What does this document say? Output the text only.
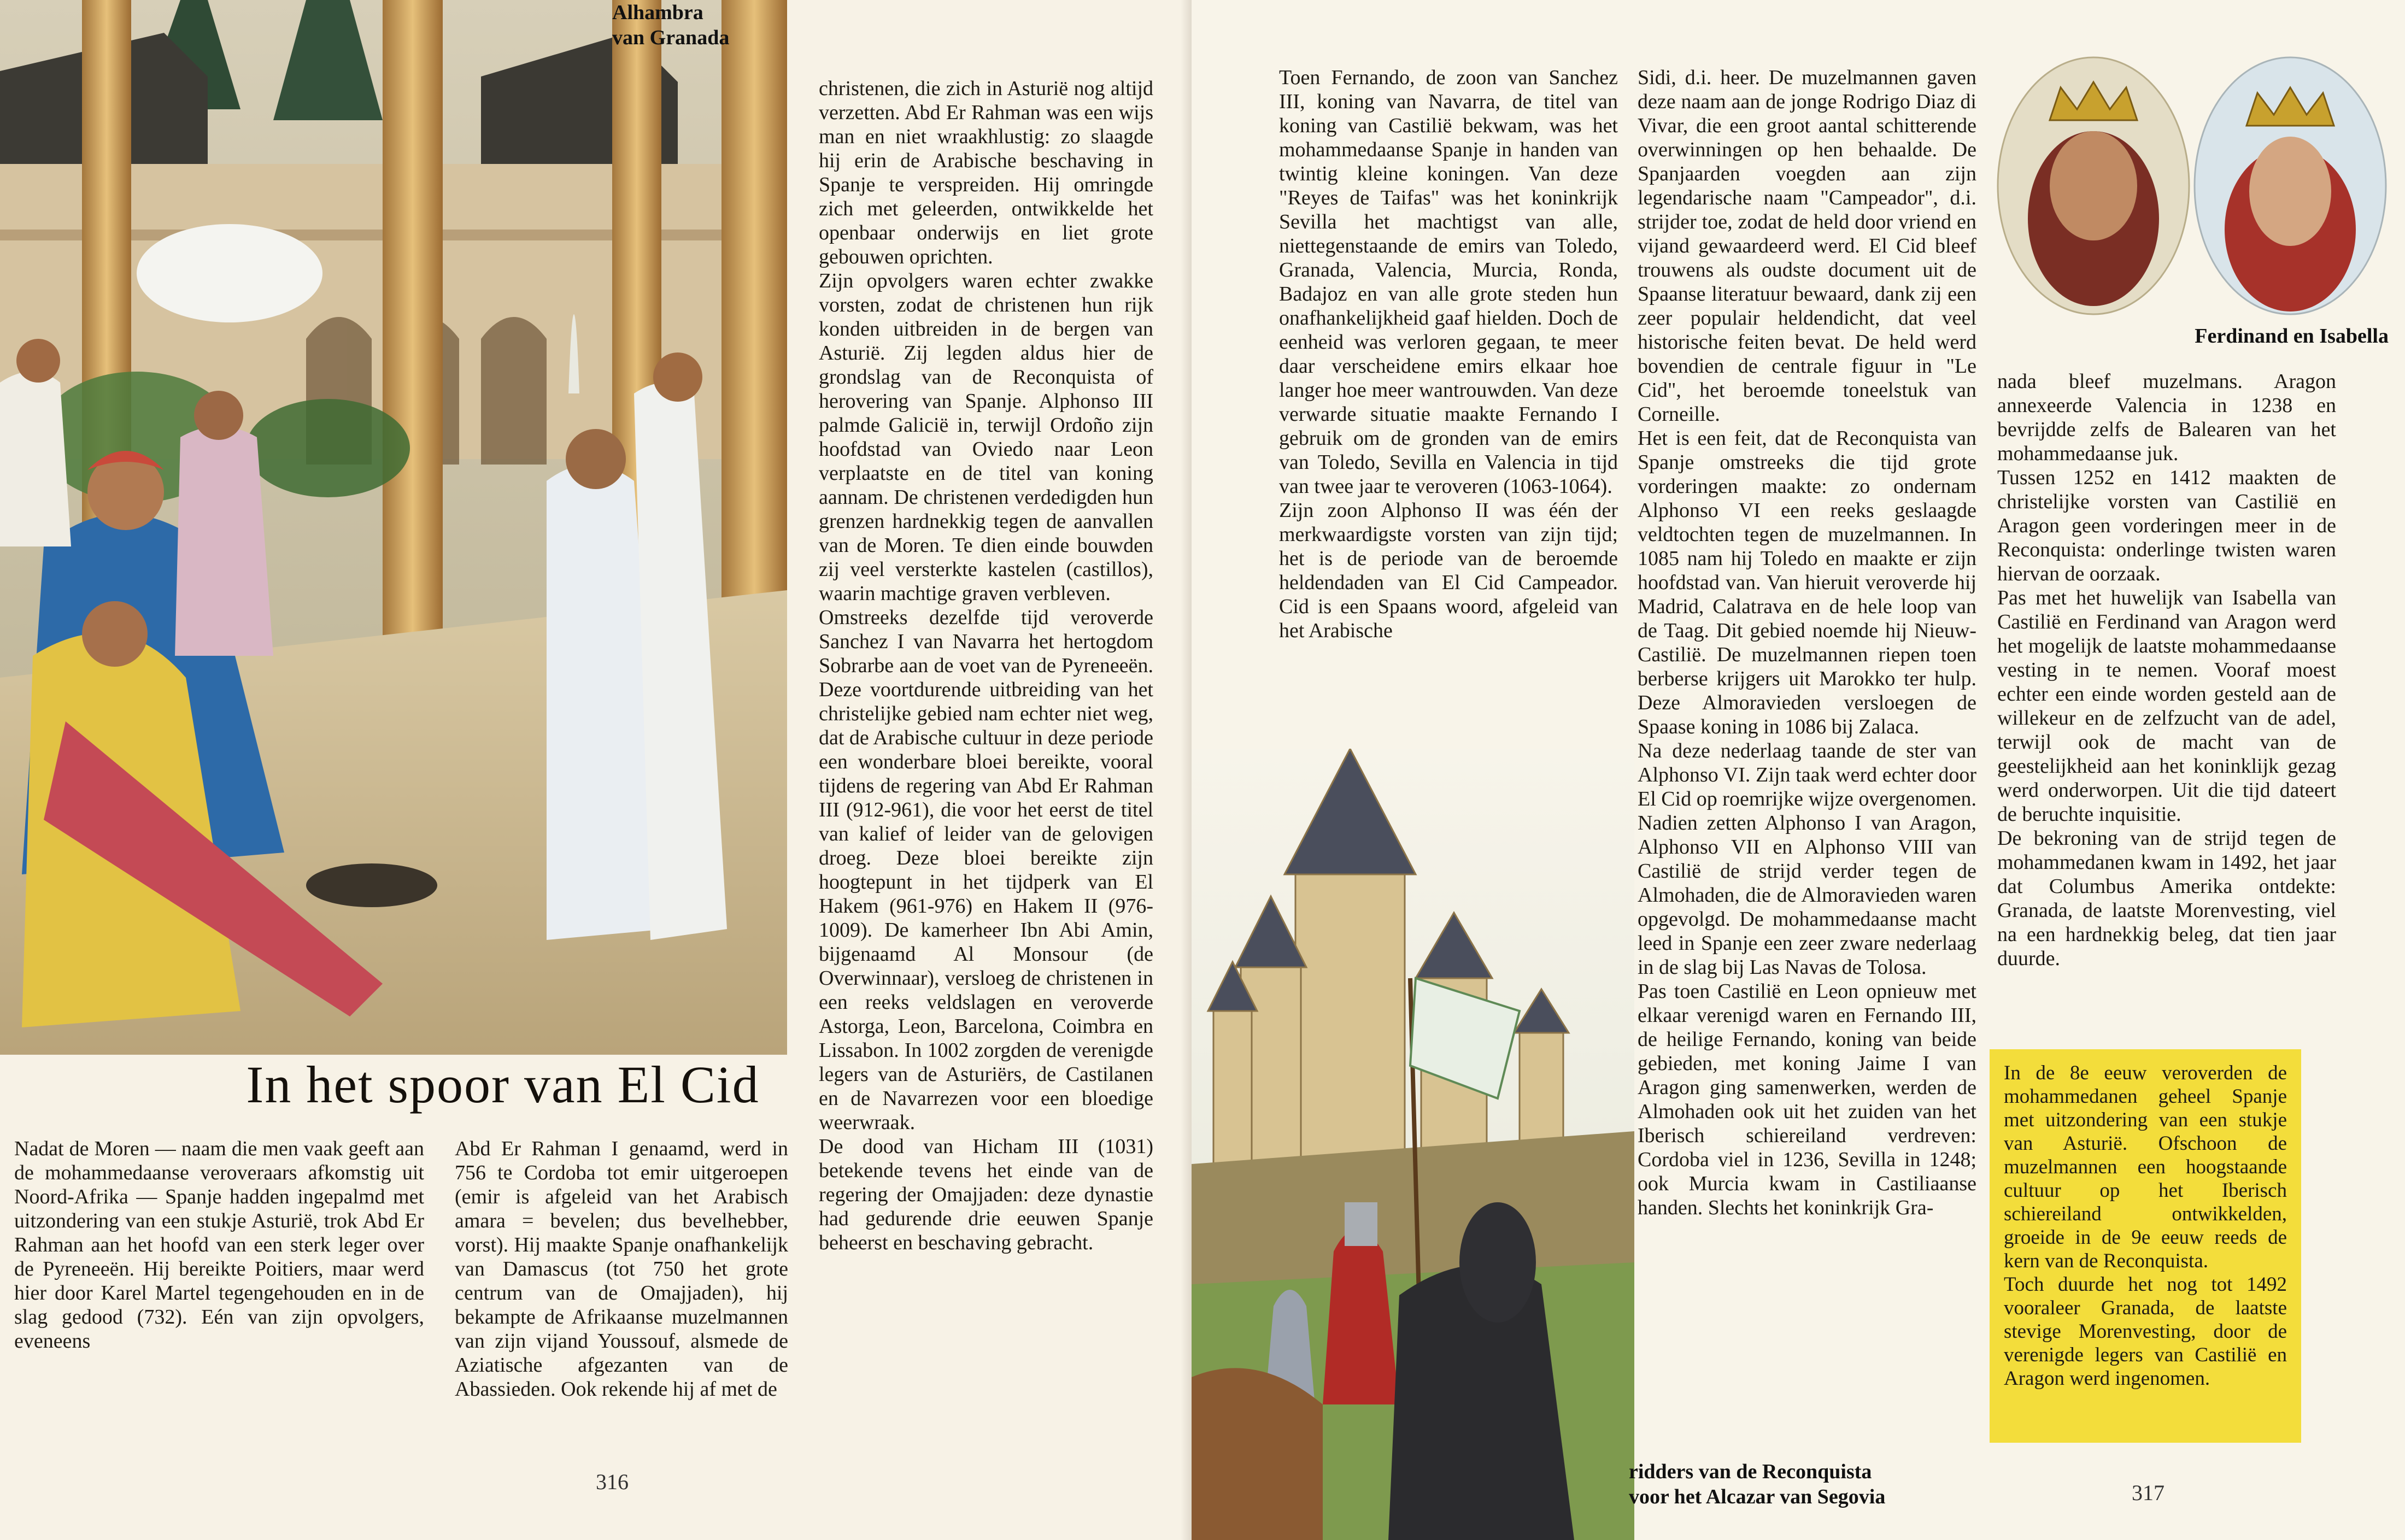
Alhambra
van Granada
In het spoor van El Cid

Nadat de Moren — naam die men vaak geeft aan de mohammedaanse veroveraars afkomstig uit Noord-Afrika — Spanje hadden ingepalmd met uitzondering van een stukje Asturië, trok Abd Er Rahman aan het hoofd van een sterk leger over de Pyreneeën. Hij bereikte Poitiers, maar werd hier door Karel Martel tegengehouden en in de slag gedood (732). Eén van zijn opvolgers, eveneens

Abd Er Rahman I genaamd, werd in 756 te Cordoba tot emir uitgeroepen (emir is afgeleid van het Arabisch amara = bevelen; dus bevelhebber, vorst). Hij maakte Spanje onafhankelijk van Damascus (tot 750 het grote centrum van de Omajjaden), hij bekampte de Afrikaanse muzelmannen van zijn vijand Youssouf, alsmede de Aziatische afgezanten van de Abassieden. Ook rekende hij af met de

christenen, die zich in Asturië nog altijd verzetten. Abd Er Rahman was een wijs man en niet wraakhlustig: zo slaagde hij erin de Arabische beschaving in Spanje te verspreiden. Hij omringde zich met geleerden, ontwikkelde het openbaar onderwijs en liet grote gebouwen oprichten.

Zijn opvolgers waren echter zwakke vorsten, zodat de christenen hun rijk konden uitbreiden in de bergen van Asturië. Zij legden aldus hier de grondslag van de Reconquista of herovering van Spanje. Alphonso III palmde Galicië in, terwijl Ordoño zijn hoofdstad van Oviedo naar Leon verplaatste en de titel van koning aannam. De christenen verdedigden hun grenzen hardnekkig tegen de aanvallen van de Moren. Te dien einde bouwden zij veel versterkte kastelen (castillos), waarin machtige graven verbleven.

Omstreeks dezelfde tijd veroverde Sanchez I van Navarra het hertogdom Sobrarbe aan de voet van de Pyreneeën. Deze voortdurende uitbreiding van het christelijke gebied nam echter niet weg, dat de Arabische cultuur in deze periode een wonderbare bloei bereikte, vooral tijdens de regering van Abd Er Rahman III (912-961), die voor het eerst de titel van kalief of leider van de gelovigen droeg. Deze bloei bereikte zijn hoogtepunt in het tijdperk van El Hakem (961-976) en Hakem II (976-1009). De kamerheer Ibn Abi Amin, bijgenaamd Al Monsour (de Overwinnaar), versloeg de christenen in een reeks veldslagen en veroverde Astorga, Leon, Barcelona, Coimbra en Lissabon. In 1002 zorgden de verenigde legers van de Asturiërs, de Castilanen en de Navarrezen voor een bloedige weerwraak.

De dood van Hicham III (1031) betekende tevens het einde van de regering der Omajjaden: deze dynastie had gedurende drie eeuwen Spanje beheerst en beschaving gebracht.

316

Toen Fernando, de zoon van Sanchez III, koning van Navarra, de titel van koning van Castilië bekwam, was het mohammedaanse Spanje in handen van twintig kleine koningen. Van deze "Reyes de Taifas" was het koninkrijk Sevilla het machtigst van alle, niettegenstaande de emirs van Toledo, Granada, Valencia, Murcia, Ronda, Badajoz en van alle grote steden hun onafhankelijkheid gaaf hielden. Doch de eenheid was verloren gegaan, te meer daar verscheidene emirs elkaar hoe langer hoe meer wantrouwden. Van deze verwarde situatie maakte Fernando I gebruik om de gronden van de emirs van Toledo, Sevilla en Valencia in tijd van twee jaar te veroveren (1063-1064).

Zijn zoon Alphonso II was één der merkwaardigste vorsten van zijn tijd; het is de periode van de beroemde heldendaden van El Cid Campeador. Cid is een Spaans woord, afgeleid van het Arabische

Sidi, d.i. heer. De muzelmannen gaven deze naam aan de jonge Rodrigo Diaz di Vivar, die een groot aantal schitterende overwinningen op hen behaalde. De Spanjaarden voegden aan zijn legendarische naam "Campeador", d.i. strijder toe, zodat de held door vriend en vijand gewaardeerd werd. El Cid bleef trouwens als oudste document uit de Spaanse literatuur bewaard, dank zij een zeer populair heldendicht, dat veel historische feiten bevat. De held werd bovendien de centrale figuur in "Le Cid", het beroemde toneelstuk van Corneille.

Het is een feit, dat de Reconquista van Spanje omstreeks die tijd grote vorderingen maakte: zo ondernam Alphonso VI een reeks geslaagde veldtochten tegen de muzelmannen. In 1085 nam hij Toledo en maakte er zijn hoofdstad van. Van hieruit veroverde hij Madrid, Calatrava en de hele loop van de Taag. Dit gebied noemde hij Nieuw-Castilië. De muzelmannen riepen toen berberse krijgers uit Marokko ter hulp. Deze Almoravieden versloegen de Spaase koning in 1086 bij Zalaca.

Na deze nederlaag taande de ster van Alphonso VI. Zijn taak werd echter door El Cid op roemrijke wijze overgenomen. Nadien zetten Alphonso I van Aragon, Alphonso VII en Alphonso VIII van Castilië de strijd verder tegen de Almohaden, die de Almoravieden waren opgevolgd. De mohammedaanse macht leed in Spanje een zeer zware nederlaag in de slag bij Las Navas de Tolosa.

Pas toen Castilië en Leon opnieuw met elkaar verenigd waren en Fernando III, de heilige Fernando, koning van beide gebieden, met koning Jaime I van Aragon ging samenwerken, werden de Almohaden ook uit het zuiden van het Iberisch schiereiland verdreven: Cordoba viel in 1236, Sevilla in 1248; ook Murcia kwam in Castiliaanse handen. Slechts het koninkrijk Gra-

ridders van de Reconquista
voor het Alcazar van Segovia
Ferdinand en Isabella

nada bleef muzelmans. Aragon annexeerde Valencia in 1238 en bevrijdde zelfs de Balearen van het mohammedaanse juk.

Tussen 1252 en 1412 maakten de christelijke vorsten van Castilië en Aragon geen vorderingen meer in de Reconquista: onderlinge twisten waren hiervan de oorzaak.

Pas met het huwelijk van Isabella van Castilië en Ferdinand van Aragon werd het mogelijk de laatste mohammedaanse vesting in te nemen. Vooraf moest echter een einde worden gesteld aan de willekeur en de zelfzucht van de adel, terwijl ook de macht van de geestelijkheid aan het koninklijk gezag werd onderworpen. Uit die tijd dateert de beruchte inquisitie.

De bekroning van de strijd tegen de mohammedanen kwam in 1492, het jaar dat Columbus Amerika ontdekte: Granada, de laatste Morenvesting, viel na een hardnekkig beleg, dat tien jaar duurde.

In de 8e eeuw veroverden de mohammedanen geheel Spanje met uitzondering van een stukje van Asturië. Ofschoon de muzelmannen een hoogstaande cultuur op het Iberisch schiereiland ontwikkelden, groeide in de 9e eeuw reeds de kern van de Reconquista.

Toch duurde het nog tot 1492 vooraleer Granada, de laatste stevige Morenvesting, door de verenigde legers van Castilië en Aragon werd ingenomen.

317
